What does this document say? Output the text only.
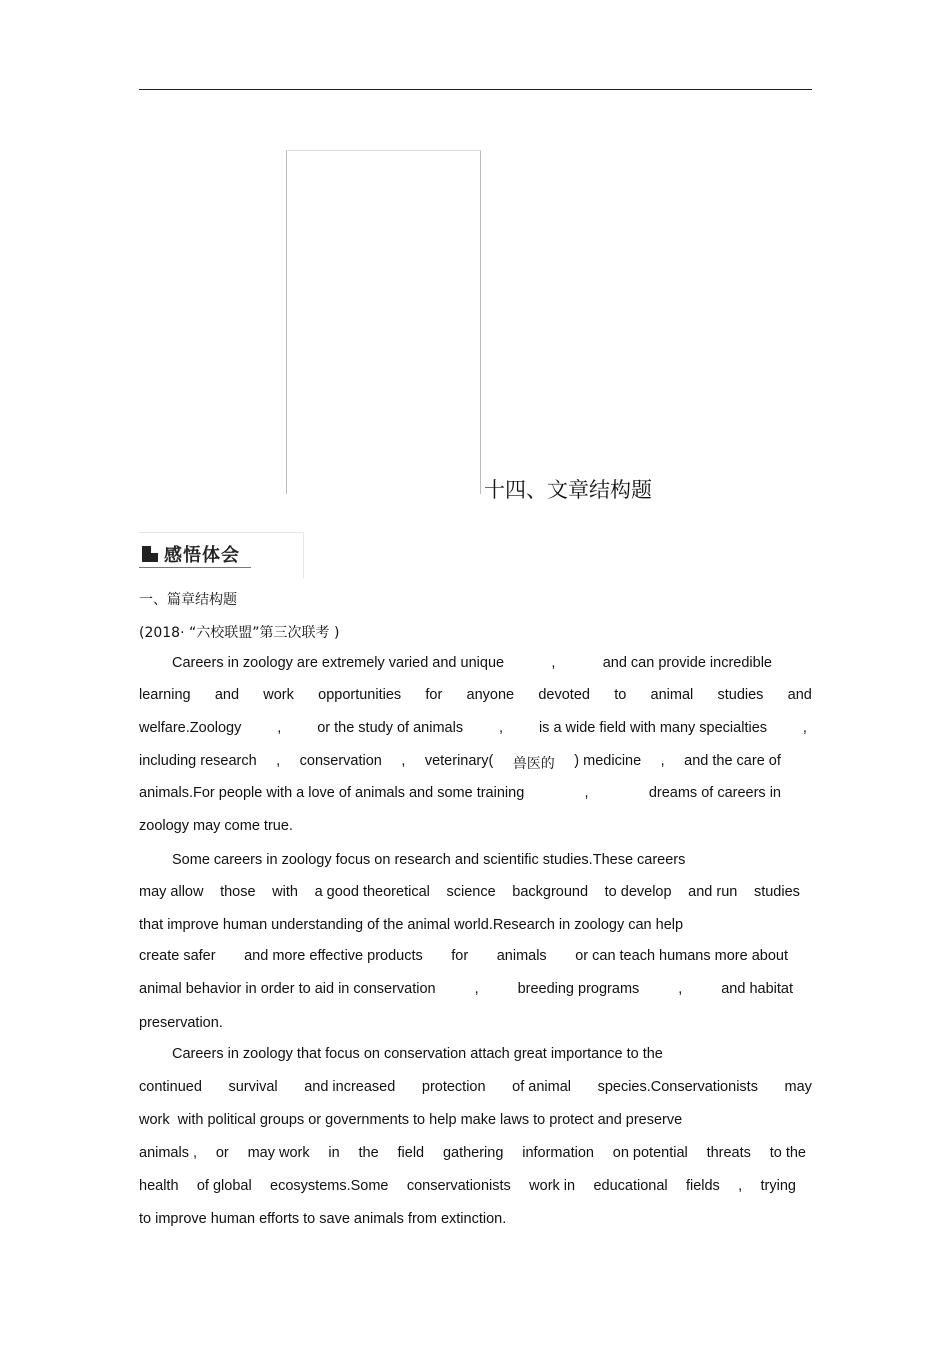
十四、文章结构题
感悟体会
一、篇章结构题
(2018· “六校联盟”第三次联考 )
Careers in zoology are extremely varied and unique	,	and can provide incredible
learning and work opportunities for anyone devoted to animal studies and
welfare.Zoology , or the study of animals , is a wide field with many specialties ,
including research , conservation , veterinary( 兽医的 ) medicine , and the care of
animals.For people with a love of animals and some training	,	dreams of careers in
zoology may come true.
Some careers in zoology focus on research and scientific studies.These careers
may allow those with a good theoretical science background to develop and run studies
that improve human understanding of the animal world.Research in zoology can help
create safer and more effective products for animals or can teach humans more about
animal behavior in order to aid in conservation	,	breeding programs	,	and habitat
preservation.
Careers in zoology that focus on conservation attach great importance to the
continued survival and increased protection of animal species.Conservationists may
work  with political groups or governments to help make laws to protect and preserve
animals , or may work in the field gathering information on potential threats to the
health of global ecosystems.Some conservationists work in educational fields , trying
to improve human efforts to save animals from extinction.
